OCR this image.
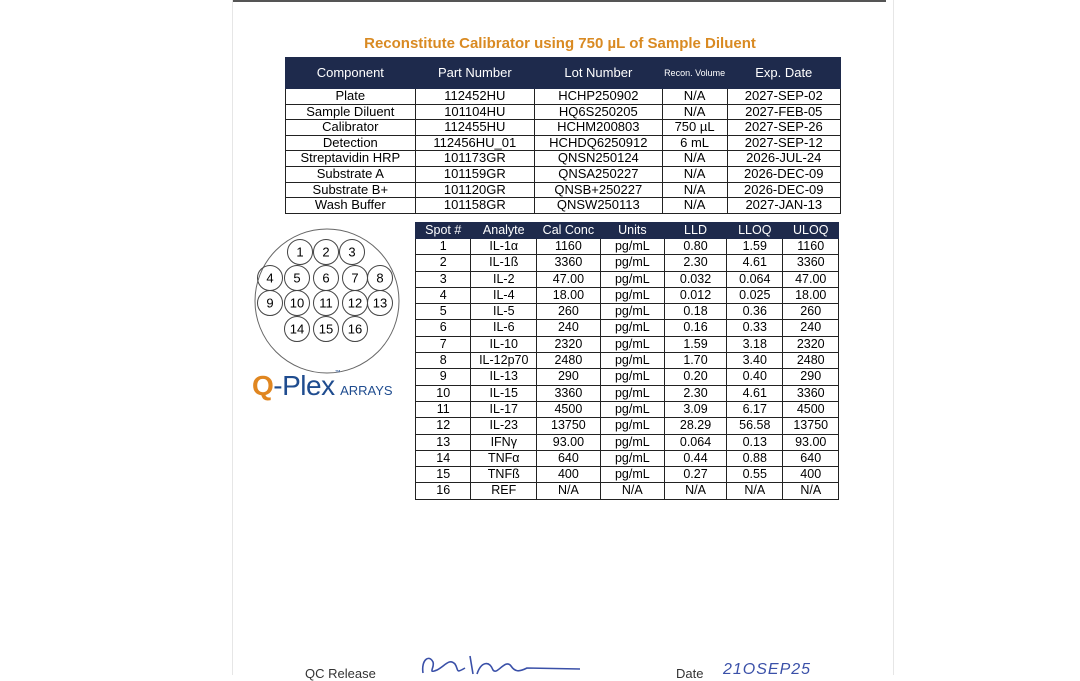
Reconstitute Calibrator using 750 µL of Sample Diluent
Component	Part Number	Lot Number	Recon. Volume	Exp. Date
Plate	112452HU	HCHP250902	N/A	2027-SEP-02
Sample Diluent	101104HU	HQ6S250205	N/A	2027-FEB-05
Calibrator	112455HU	HCHM200803	750 µL	2027-SEP-26
Detection	112456HU_01	HCHDQ6250912	6 mL	2027-SEP-12
Streptavidin HRP	101173GR	QNSN250124	N/A	2026-JUL-24
Substrate A	101159GR	QNSA250227	N/A	2026-DEC-09
Substrate B+	101120GR	QNSB+250227	N/A	2026-DEC-09
Wash Buffer	101158GR	QNSW250113	N/A	2027-JAN-13
1 2 3
4 5 6 7 8
9 10 11 12 13
14 15 16
Q-Plex™ARRAYS
Spot #	Analyte	Cal Conc	Units	LLD	LLOQ	ULOQ
1	IL-1α	1160	pg/mL	0.80	1.59	1160
2	IL-1ß	3360	pg/mL	2.30	4.61	3360
3	IL-2	47.00	pg/mL	0.032	0.064	47.00
4	IL-4	18.00	pg/mL	0.012	0.025	18.00
5	IL-5	260	pg/mL	0.18	0.36	260
6	IL-6	240	pg/mL	0.16	0.33	240
7	IL-10	2320	pg/mL	1.59	3.18	2320
8	IL-12p70	2480	pg/mL	1.70	3.40	2480
9	IL-13	290	pg/mL	0.20	0.40	290
10	IL-15	3360	pg/mL	2.30	4.61	3360
11	IL-17	4500	pg/mL	3.09	6.17	4500
12	IL-23	13750	pg/mL	28.29	56.58	13750
13	IFNγ	93.00	pg/mL	0.064	0.13	93.00
14	TNFα	640	pg/mL	0.44	0.88	640
15	TNFß	400	pg/mL	0.27	0.55	400
16	REF	N/A	N/A	N/A	N/A	N/A
QC Release	Date 21OSEP25
